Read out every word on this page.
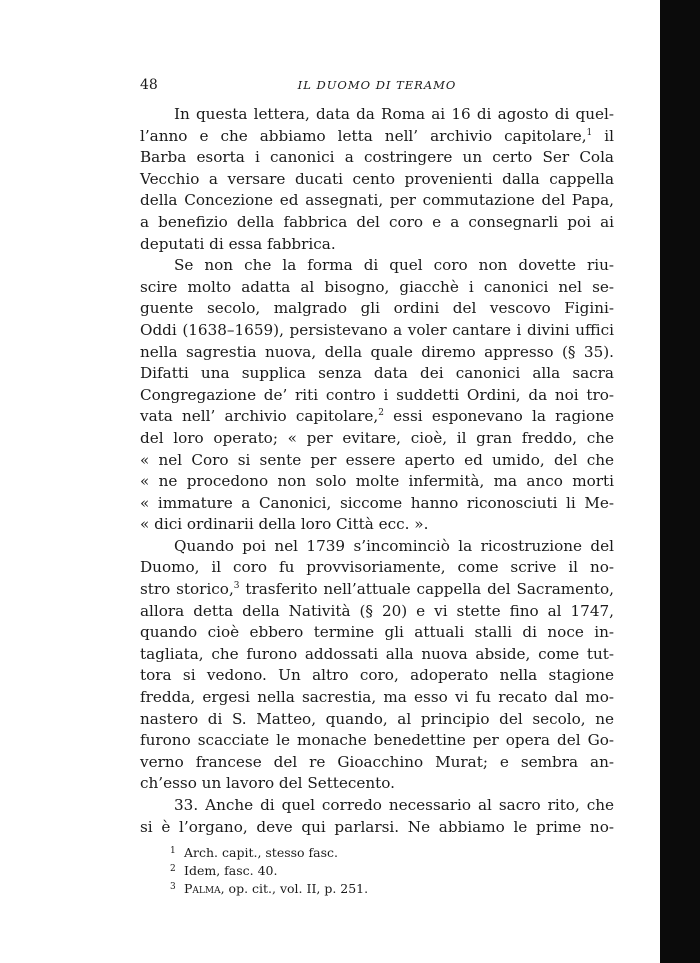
48	IL DUOMO DI TERAMO
In questa lettera, data da Roma ai 16 di agosto di quel-
l’anno e che abbiamo letta nell’ archivio capitolare,$^1$ il
Barba esorta i canonici a costringere un certo Ser Cola
Vecchio a versare ducati cento provenienti dalla cappella
della Concezione ed assegnati, per commutazione del Papa,
a benefizio della fabbrica del coro e a consegnarli poi ai
deputati di essa fabbrica.
Se non che la forma di quel coro non dovette riu-
scire molto adatta al bisogno, giacchè i canonici nel se-
guente secolo, malgrado gli ordini del vescovo Figini-
Oddi (1638–1659), persistevano a voler cantare i divini uffici
nella sagrestia nuova, della quale diremo appresso (§ 35).
Difatti una supplica senza data dei canonici alla sacra
Congregazione de’ riti contro i suddetti Ordini, da noi tro-
vata nell’ archivio capitolare,$^2$ essi esponevano la ragione
del loro operato; « per evitare, cioè, il gran freddo, che
« nel Coro si sente per essere aperto ed umido, del che
« ne procedono non solo molte infermità, ma anco morti
« immature a Canonici, siccome hanno riconosciuti li Me-
« dici ordinarii della loro Città ecc. ».
Quando poi nel 1739 s’incominciò la ricostruzione del
Duomo, il coro fu provvisoriamente, come scrive il no-
stro storico,$^3$ trasferito nell’attuale cappella del Sacramento,
allora detta della Natività (§ 20) e vi stette fino al 1747,
quando cioè ebbero termine gli attuali stalli di noce in-
tagliata, che furono addossati alla nuova abside, come tut-
tora si vedono. Un altro coro, adoperato nella stagione
fredda, ergesi nella sacrestia, ma esso vi fu recato dal mo-
nastero di S. Matteo, quando, al principio del secolo, ne
furono scacciate le monache benedettine per opera del Go-
verno francese del re Gioacchino Murat; e sembra an-
ch’esso un lavoro del Settecento.
33. Anche di quel corredo necessario al sacro rito, che
si è l’organo, deve qui parlarsi. Ne abbiamo le prime no-
1 Arch. capit., stesso fasc.
2 Idem, fasc. 40.
3 Palma, op. cit., vol. II, p. 251.
